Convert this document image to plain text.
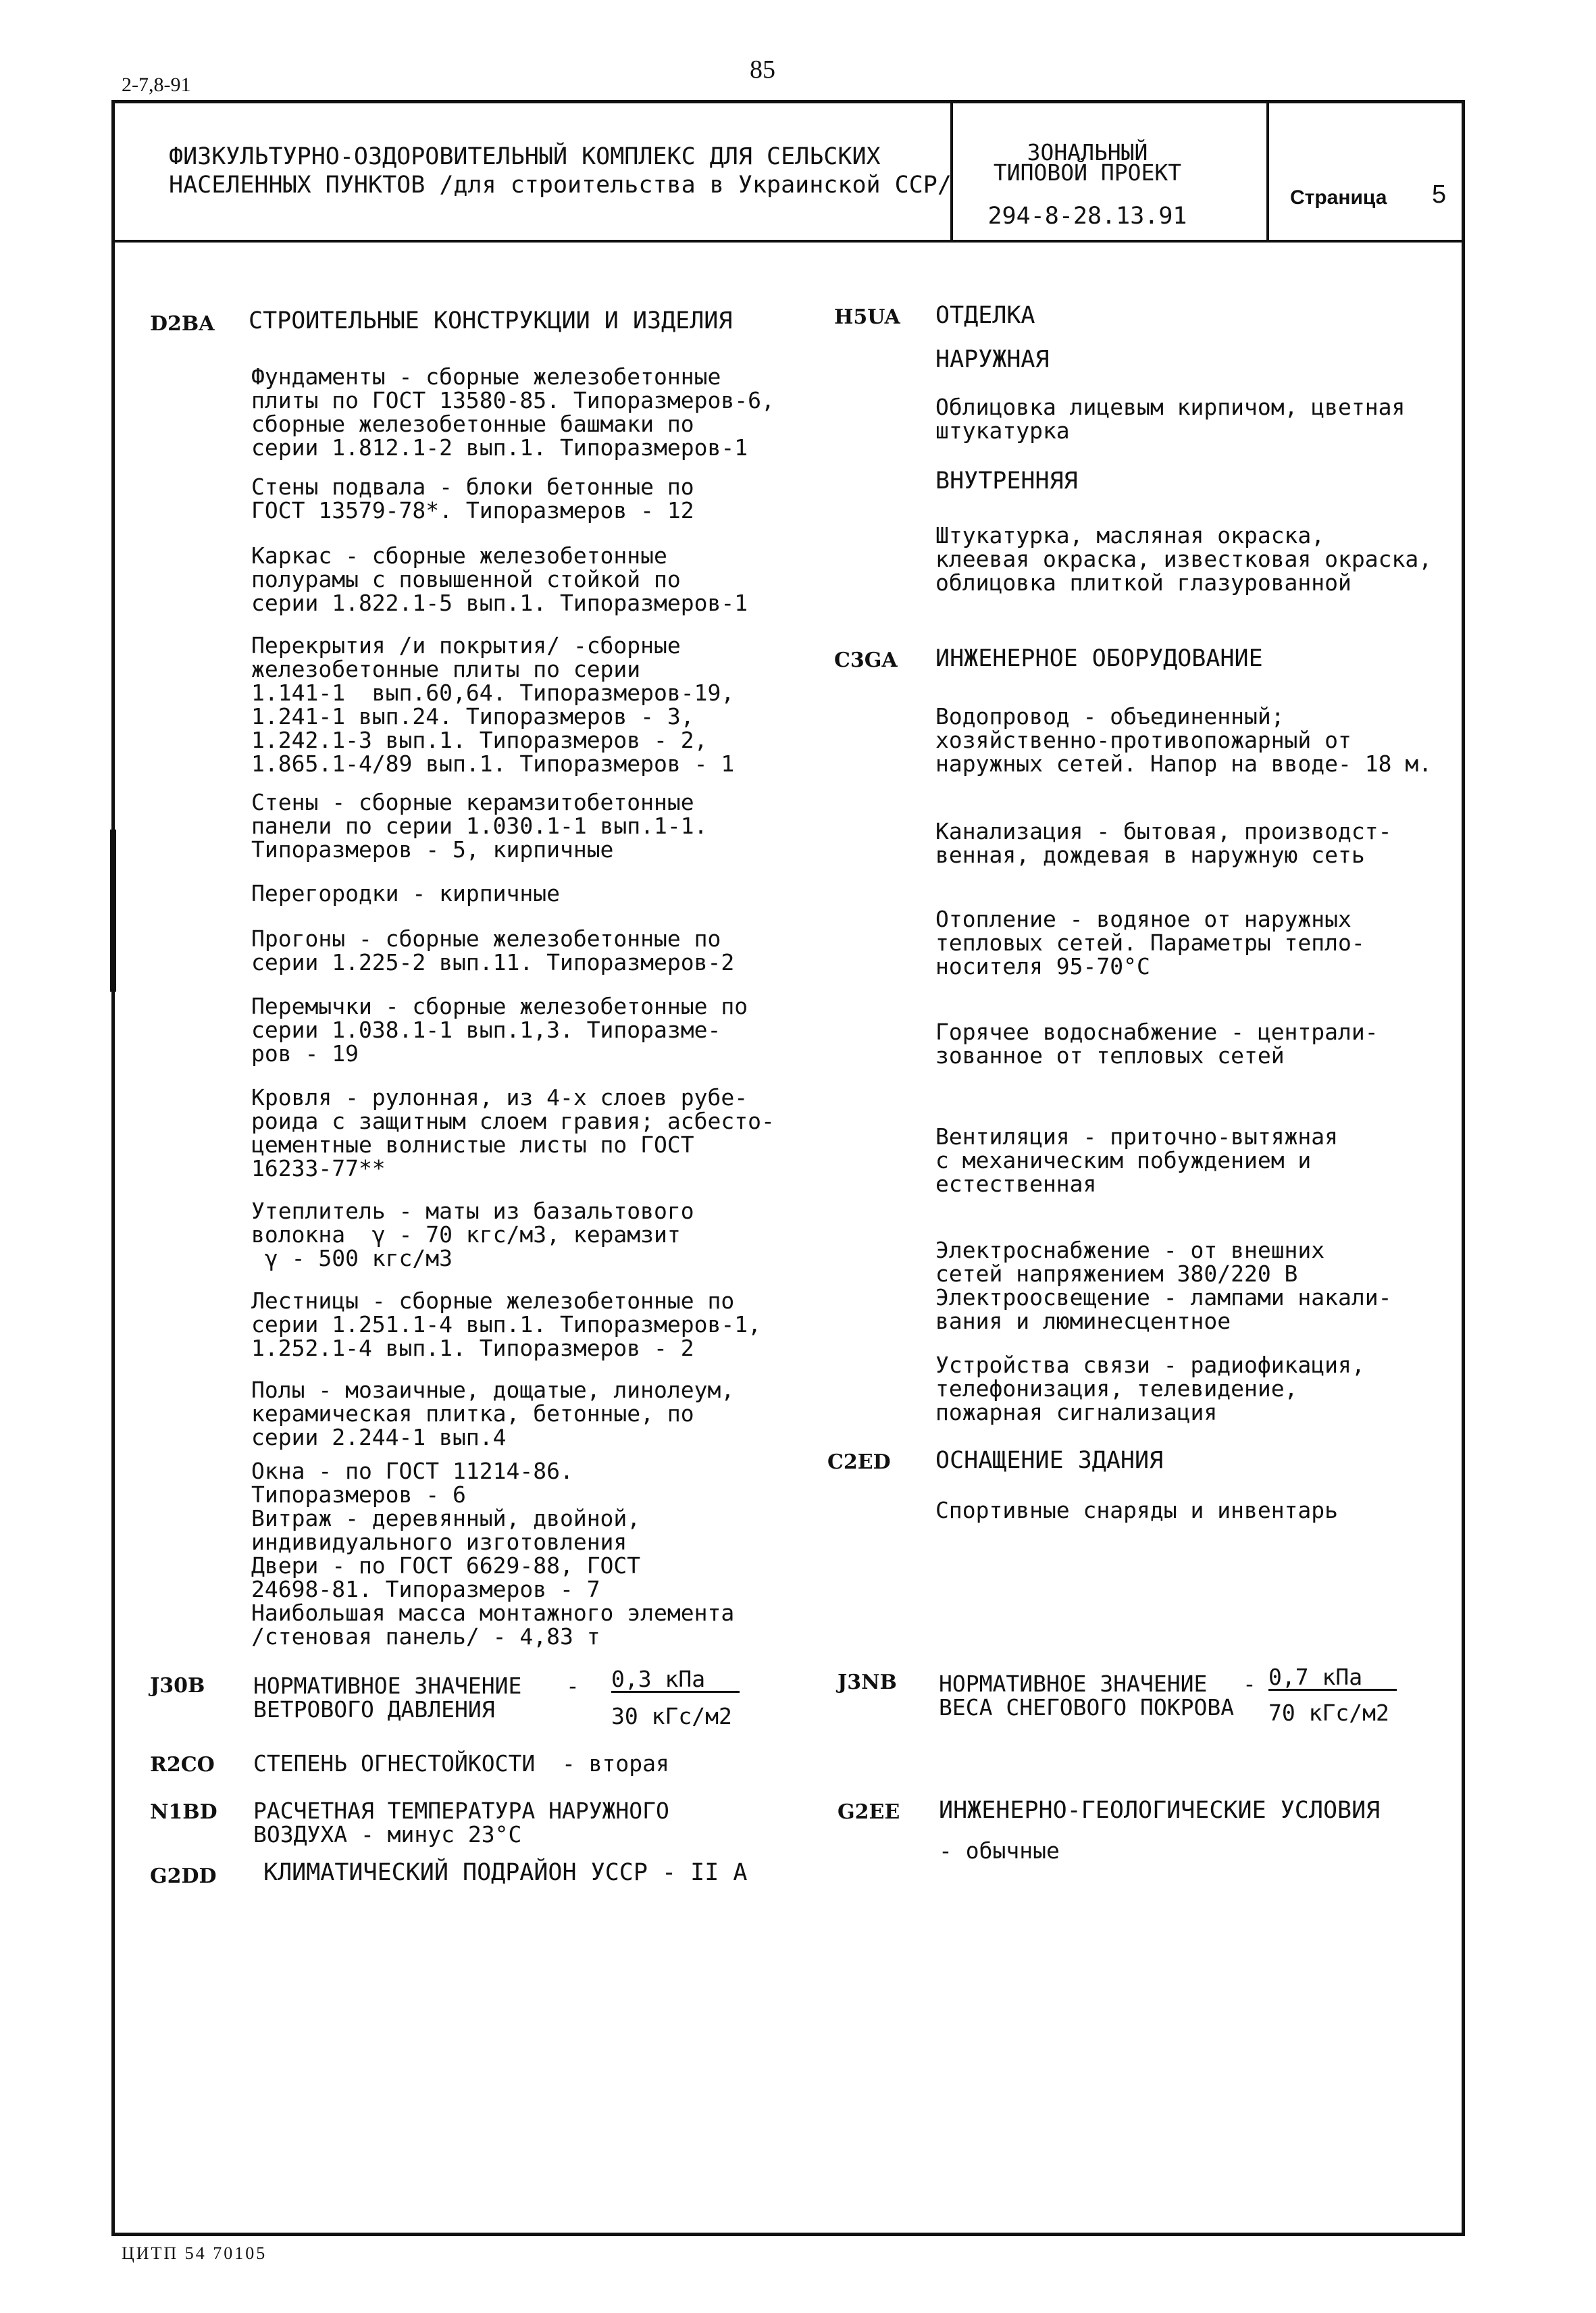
2-7,8-91
85
ФИЗКУЛЬТУРНО-ОЗДОРОВИТЕЛЬНЫЙ КОМПЛЕКС ДЛЯ СЕЛЬСКИХ
НАСЕЛЕННЫХ ПУНКТОВ /для строительства в Украинской ССР/
ЗОНАЛЬНЫЙ
ТИПОВОЙ ПРОЕКТ
294-8-28.13.91
Страница 5
D2BA СТРОИТЕЛЬНЫЕ КОНСТРУКЦИИ И ИЗДЕЛИЯ
Фундаменты - сборные железобетонные
плиты по ГОСТ 13580-85. Типоразмеров-6,
сборные железобетонные башмаки по
серии 1.812.1-2 вып.1. Типоразмеров-1
Стены подвала - блоки бетонные по
ГОСТ 13579-78*. Типоразмеров - 12
Каркас - сборные железобетонные
полурамы с повышенной стойкой по
серии 1.822.1-5 вып.1. Типоразмеров-1
Перекрытия /и покрытия/ -сборные
железобетонные плиты по серии
1.141-1  вып.60,64. Типоразмеров-19,
1.241-1 вып.24. Типоразмеров - 3,
1.242.1-3 вып.1. Типоразмеров - 2,
1.865.1-4/89 вып.1. Типоразмеров - 1
Стены - сборные керамзитобетонные
панели по серии 1.030.1-1 вып.1-1.
Типоразмеров - 5, кирпичные
Перегородки - кирпичные
Прогоны - сборные железобетонные по
серии 1.225-2 вып.11. Типоразмеров-2
Перемычки - сборные железобетонные по
серии 1.038.1-1 вып.1,3. Типоразме-
ров - 19
Кровля - рулонная, из 4-х слоев рубе-
роида с защитным слоем гравия; асбесто-
цементные волнистые листы по ГОСТ
16233-77**
Утеплитель - маты из базальтового
волокна  γ - 70 кгс/м3, керамзит
γ - 500 кгс/м3
Лестницы - сборные железобетонные по
серии 1.251.1-4 вып.1. Типоразмеров-1,
1.252.1-4 вып.1. Типоразмеров - 2
Полы - мозаичные, дощатые, линолеум,
керамическая плитка, бетонные, по
серии 2.244-1 вып.4
Окна - по ГОСТ 11214-86.
Типоразмеров - 6
Витраж - деревянный, двойной,
индивидуального изготовления
Двери - по ГОСТ 6629-88, ГОСТ
24698-81. Типоразмеров - 7
Наибольшая масса монтажного элемента
/стеновая панель/ - 4,83 т
J30B НОРМАТИВНОЕ ЗНАЧЕНИЕ
ВЕТРОВОГО ДАВЛЕНИЯ
- 0,3 кПа
30 кГс/м2
R2CO СТЕПЕНЬ ОГНЕСТОЙКОСТИ  - вторая
N1BD РАСЧЕТНАЯ ТЕМПЕРАТУРА НАРУЖНОГО
ВОЗДУХА - минус 23°С
G2DD КЛИМАТИЧЕСКИЙ ПОДРАЙОН УССР - II А
H5UA ОТДЕЛКА
НАРУЖНАЯ
Облицовка лицевым кирпичом, цветная
штукатурка
ВНУТРЕННЯЯ
Штукатурка, масляная окраска,
клеевая окраска, известковая окраска,
облицовка плиткой глазурованной
C3GA ИНЖЕНЕРНОЕ ОБОРУДОВАНИЕ
Водопровод - объединенный;
хозяйственно-противопожарный от
наружных сетей. Напор на вводе- 18 м.
Канализация - бытовая, производст-
венная, дождевая в наружную сеть
Отопление - водяное от наружных
тепловых сетей. Параметры тепло-
носителя 95-70°С
Горячее водоснабжение - централи-
зованное от тепловых сетей
Вентиляция - приточно-вытяжная
с механическим побуждением и
естественная
Электроснабжение - от внешних
сетей напряжением 380/220 В
Электроосвещение - лампами накали-
вания и люминесцентное
Устройства связи - радиофикация,
телефонизация, телевидение,
пожарная сигнализация
C2ED ОСНАЩЕНИЕ ЗДАНИЯ
Спортивные снаряды и инвентарь
J3NB НОРМАТИВНОЕ ЗНАЧЕНИЕ
ВЕСА СНЕГОВОГО ПОКРОВА
- 0,7 кПа
70 кГс/м2
G2EE ИНЖЕНЕРНО-ГЕОЛОГИЧЕСКИЕ УСЛОВИЯ
- обычные
ЦИТП 54 70105
